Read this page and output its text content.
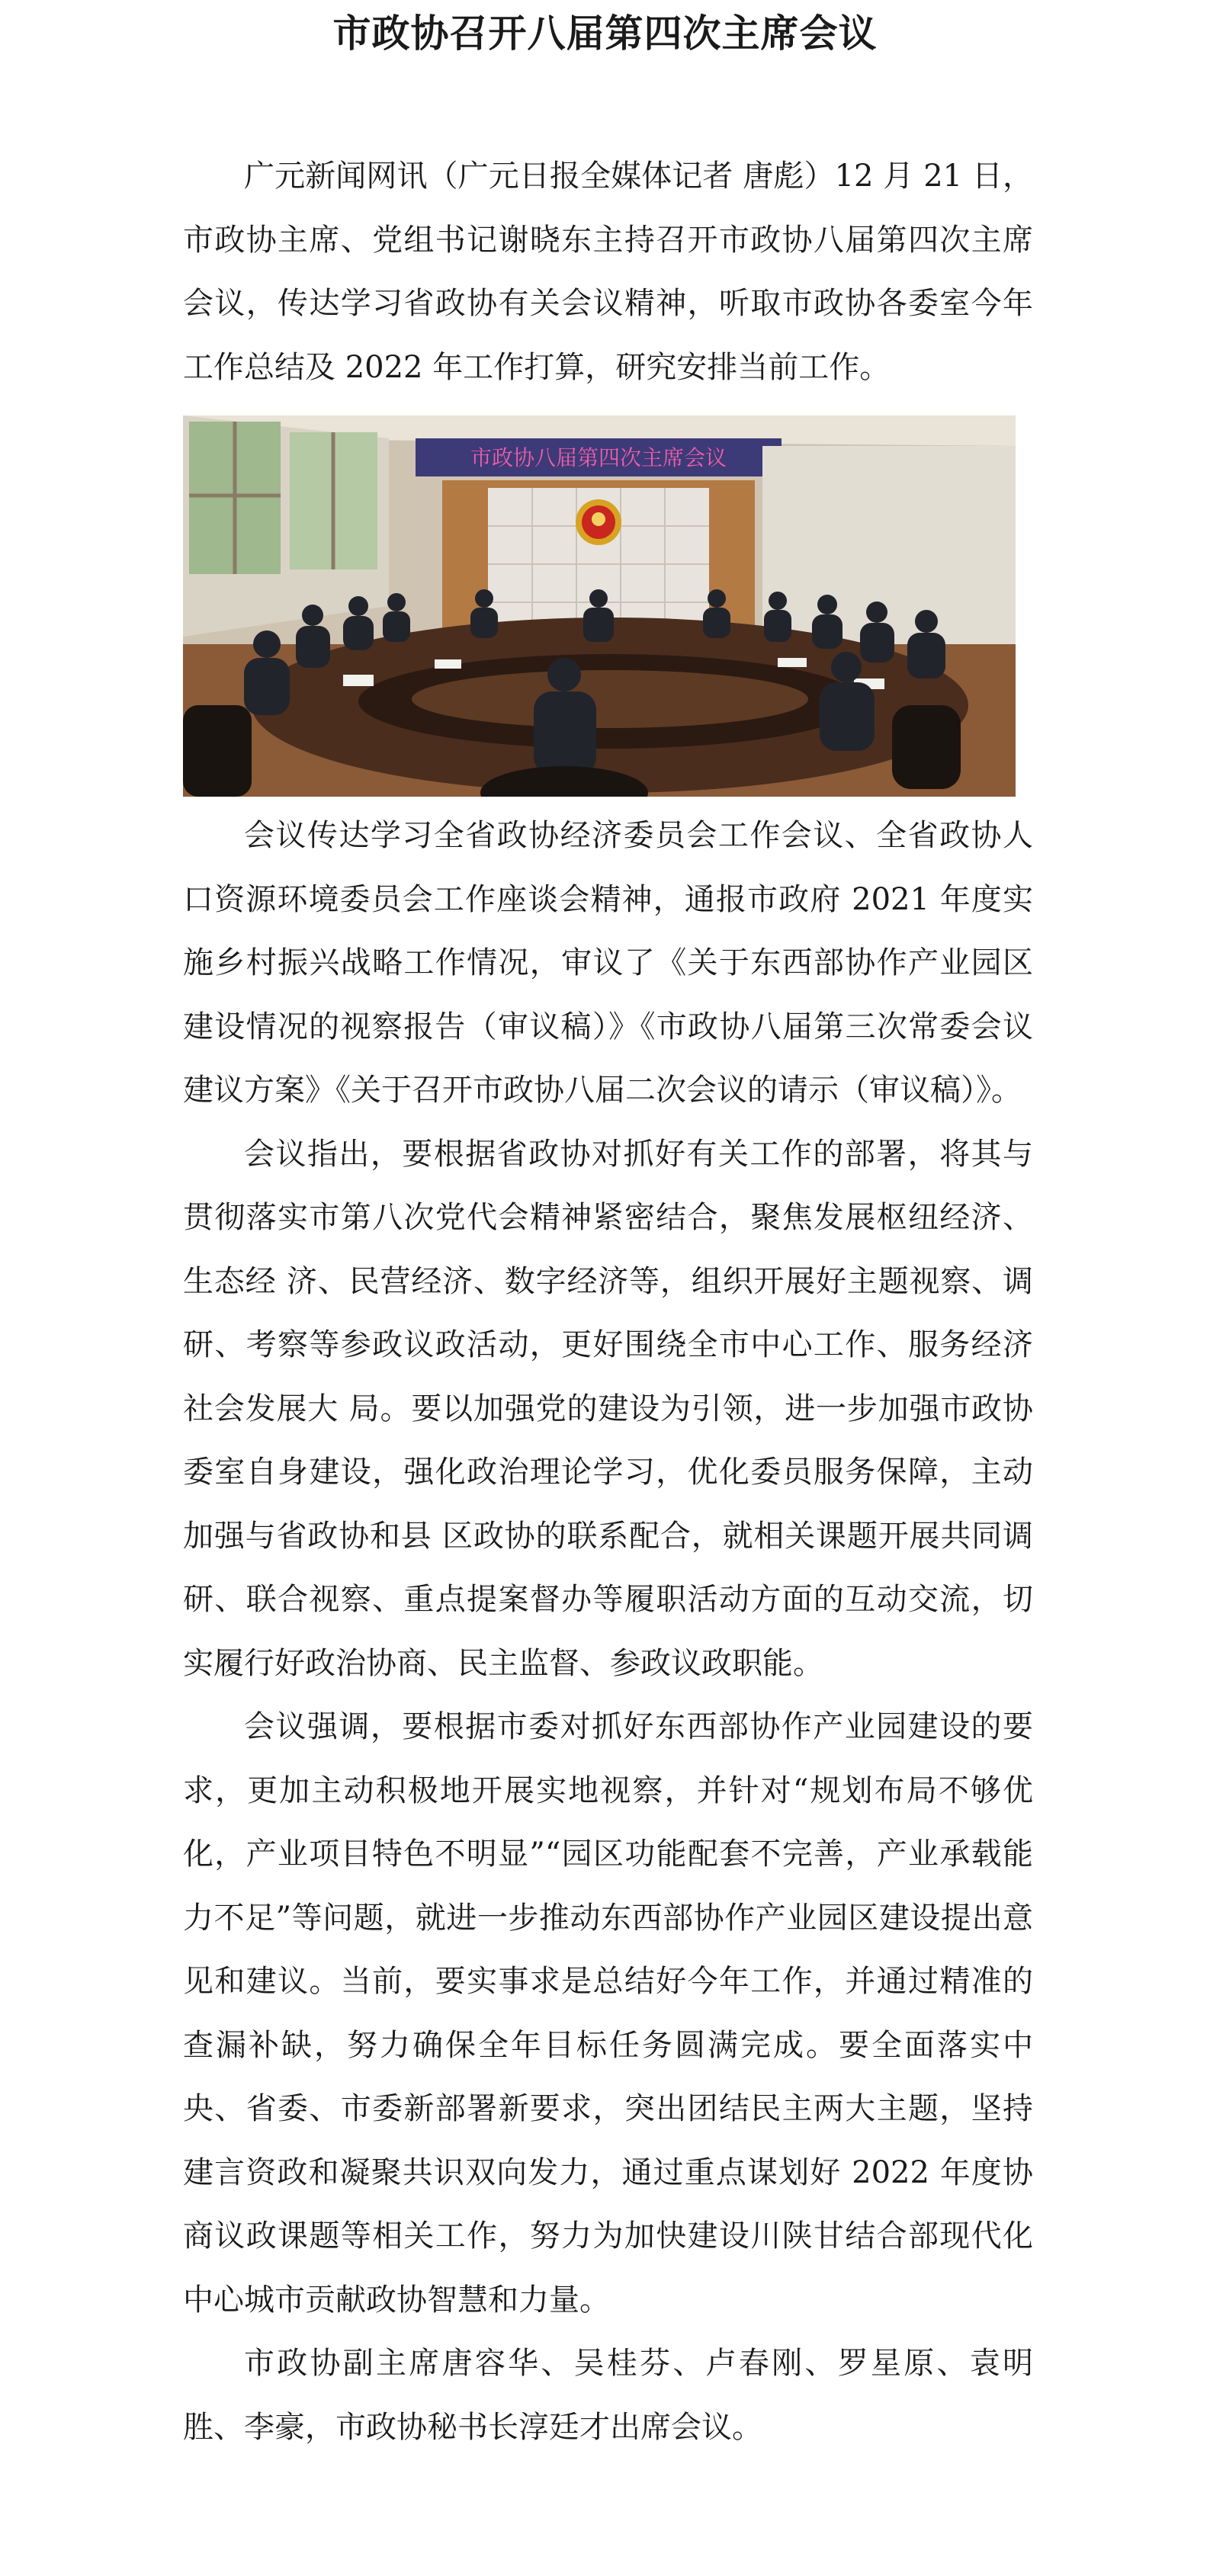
市政协召开八届第四次主席会议

广元新闻网讯（广元日报全媒体记者 唐彪）12 月 21 日，市政协主席、党组书记谢晓东主持召开市政协八届第四次主席会议，传达学习省政协有关会议精神，听取市政协各委室今年工作总结及 2022 年工作打算，研究安排当前工作。

市政协八届第四次主席会议

会议传达学习全省政协经济委员会工作会议、全省政协人口资源环境委员会工作座谈会精神，通报市政府 2021 年度实施乡村振兴战略工作情况，审议了《关于东西部协作产业园区建设情况的视察报告（审议稿）》《市政协八届第三次常委会议建议方案》《关于召开市政协八届二次会议的请示（审议稿）》。

会议指出，要根据省政协对抓好有关工作的部署，将其与贯彻落实市第八次党代会精神紧密结合，聚焦发展枢纽经济、生态经 济、民营经济、数字经济等，组织开展好主题视察、调研、考察等参政议政活动，更好围绕全市中心工作、服务经济社会发展大 局。要以加强党的建设为引领，进一步加强市政协委室自身建设，强化政治理论学习，优化委员服务保障，主动加强与省政协和县 区政协的联系配合，就相关课题开展共同调研、联合视察、重点提案督办等履职活动方面的互动交流，切实履行好政治协商、民主监督、参政议政职能。

会议强调，要根据市委对抓好东西部协作产业园建设的要求，更加主动积极地开展实地视察，并针对“规划布局不够优化，产业项目特色不明显”“园区功能配套不完善，产业承载能力不足”等问题，就进一步推动东西部协作产业园区建设提出意见和建议。当前，要实事求是总结好今年工作，并通过精准的查漏补缺，努力确保全年目标任务圆满完成。要全面落实中央、省委、市委新部署新要求，突出团结民主两大主题，坚持建言资政和凝聚共识双向发力，通过重点谋划好 2022 年度协商议政课题等相关工作，努力为加快建设川陕甘结合部现代化中心城市贡献政协智慧和力量。

市政协副主席唐容华、吴桂芬、卢春刚、罗星原、袁明胜、李豪，市政协秘书长淳廷才出席会议。
